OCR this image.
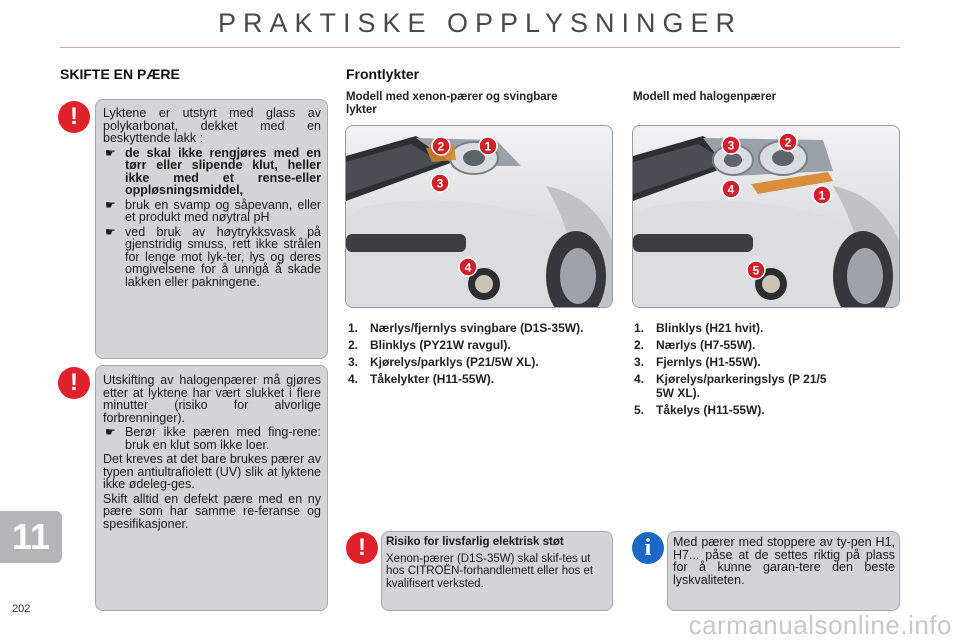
PRAKTISKE OPPLYSNINGER
SKIFTE EN PÆRE
!	Lyktene er utstyrt med glass av polykarbonat, dekket med en beskyttende lakk :

☛ de skal ikke rengjøres med en tørr eller slipende klut, heller ikke med et rense-eller oppløsningsmiddel,
☛ bruk en svamp og såpevann, eller et produkt med nøytral pH
☛ ved bruk av høytrykksvask på gjenstridig smuss, rett ikke strålen for lenge mot lyk-ter, lys og deres omgivelsene for å unngå å skade lakken eller pakningene.
!	Utskifting av halogenpærer må gjøres etter at lyktene har vært slukket i flere minutter (risiko for alvorlige forbrenninger).

☛ Berør ikke pæren med fing-rene: bruk en klut som ikke loer.

Det kreves at det bare brukes pærer av typen antiultrafiolett (UV) slik at lyktene ikke ødeleg-ges.

Skift alltid en defekt pære med en ny pære som har samme re-feranse og spesifikasjoner.

Frontlykter
Modell med xenon-pærer og svingbare lykter
Modell med halogenpærer
1
2
3
4
1
2
3
4
5
1. Nærlys/fjernlys svingbare (D1S-35W).
2. Blinklys (PY21W ravgul).
3. Kjørelys/parklys (P21/5W XL).
4. Tåkelykter (H11-55W).
1. Blinklys (H21 hvit).
2. Nærlys (H7-55W).
3. Fjernlys (H1-55W).
4. Kjørelys/parkeringslys (P 21/5 5W XL).
5. Tåkelys (H11-55W).
!	Risiko for livsfarlig elektrisk støt

Xenon-pærer (D1S-35W) skal skif-tes ut hos CITROËN-forhandlemett eller hos et kvalifisert verksted.

i	Med pærer med stoppere av ty-pen H1, H7... påse at de settes riktig på plass for å kunne garan-tere den beste lyskvaliteten.

11
202
carmanualsonline.info
